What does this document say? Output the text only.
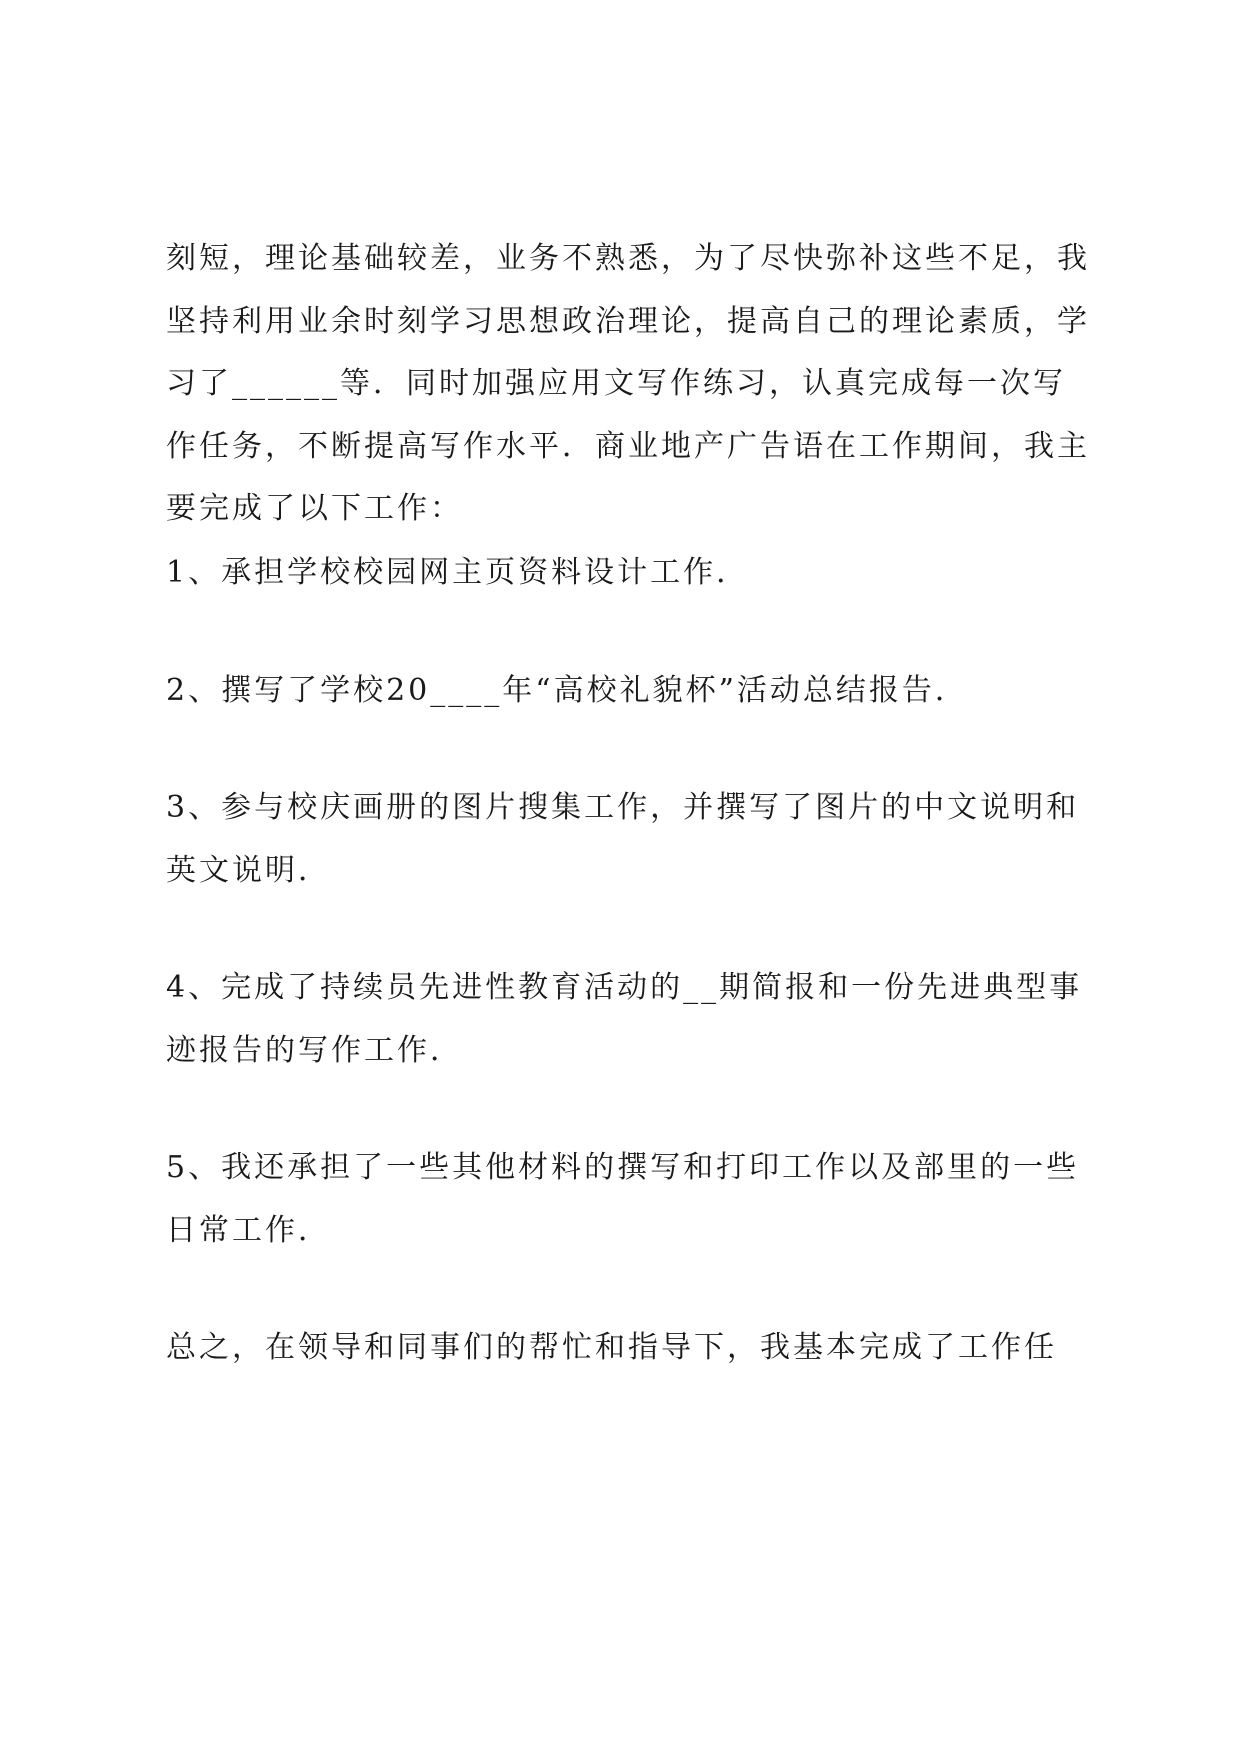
刻短，理论基础较差，业务不熟悉，为了尽快弥补这些不足，我坚持利用业余时刻学习思想政治理论，提高自己的理论素质，学习了______等．同时加强应用文写作练习，认真完成每一次写作任务，不断提高写作水平．商业地产广告语在工作期间，我主要完成了以下工作：

1、承担学校校园网主页资料设计工作．

2、撰写了学校20____年“高校礼貌杯”活动总结报告．

3、参与校庆画册的图片搜集工作，并撰写了图片的中文说明和英文说明．

4、完成了持续员先进性教育活动的__期简报和一份先进典型事迹报告的写作工作．

5、我还承担了一些其他材料的撰写和打印工作以及部里的一些日常工作．

总之，在领导和同事们的帮忙和指导下，我基本完成了工作任
